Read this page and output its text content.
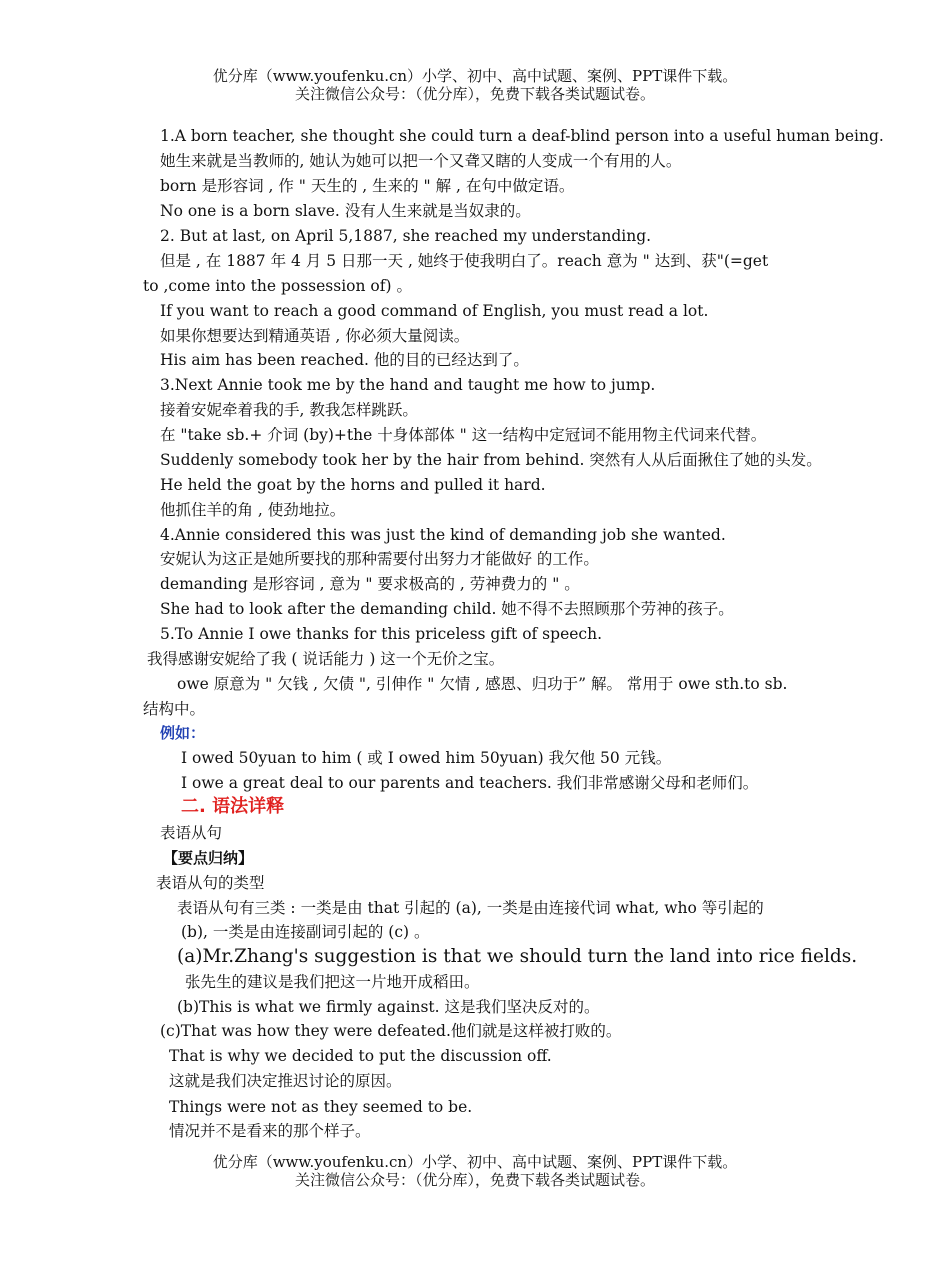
优分库（www.youfenku.cn）小学、初中、高中试题、案例、PPT课件下载。
关注微信公众号：（优分库），免费下载各类试题试卷。
1.A born teacher, she thought she could turn a deaf-blind person into a useful human being.
她生来就是当教师的, 她认为她可以把一个又聋又瞎的人变成一个有用的人。
born 是形容词 , 作 " 天生的 , 生来的 " 解 , 在句中做定语。
No one is a born slave. 没有人生来就是当奴隶的。
2. But at last, on April 5,1887, she reached my understanding.
但是 , 在 1887 年 4 月 5 日那一天 , 她终于使我明白了。reach 意为 " 达到、获"(=get
to ,come into the possession of) 。
If you want to reach a good command of English, you must read a lot.
如果你想要达到精通英语 , 你必须大量阅读。
His aim has been reached. 他的目的已经达到了。
3.Next Annie took me by the hand and taught me how to jump.
接着安妮牵着我的手, 教我怎样跳跃。
在 "take sb.+ 介词 (by)+the 十身体部体 " 这一结构中定冠词不能用物主代词来代替。
Suddenly somebody took her by the hair from behind. 突然有人从后面揪住了她的头发。
He held the goat by the horns and pulled it hard.
他抓住羊的角 , 使劲地拉。
4.Annie considered this was just the kind of demanding job she wanted.
安妮认为这正是她所要找的那种需要付出努力才能做好 的工作。
demanding 是形容词 , 意为 " 要求极高的 , 劳神费力的 " 。
She had to look after the demanding child. 她不得不去照顾那个劳神的孩子。
5.To Annie I owe thanks for this priceless gift of speech.
我得感谢安妮给了我 ( 说话能力 ) 这一个无价之宝。
owe 原意为 " 欠钱 , 欠债 ", 引伸作 " 欠情 , 感恩、归功于” 解。 常用于 owe sth.to sb.
结构中。
例如：
I owed 50yuan to him ( 或 I owed him 50yuan) 我欠他 50 元钱。
I owe a great deal to our parents and teachers. 我们非常感谢父母和老师们。
二. 语法详释
表语从句
【要点归纳】
表语从句的类型
表语从句有三类 : 一类是由 that 引起的 (a), 一类是由连接代词 what, who 等引起的
(b), 一类是由连接副词引起的 (c) 。
(a)Mr.Zhang's suggestion is that we should turn the land into rice fields.
张先生的建议是我们把这一片地开成稻田。
(b)This is what we firmly against. 这是我们坚决反对的。
(c)That was how they were defeated.他们就是这样被打败的。
That is why we decided to put the discussion off.
这就是我们决定推迟讨论的原因。
Things were not as they seemed to be.
情况并不是看来的那个样子。
优分库（www.youfenku.cn）小学、初中、高中试题、案例、PPT课件下载。
关注微信公众号：（优分库），免费下载各类试题试卷。
